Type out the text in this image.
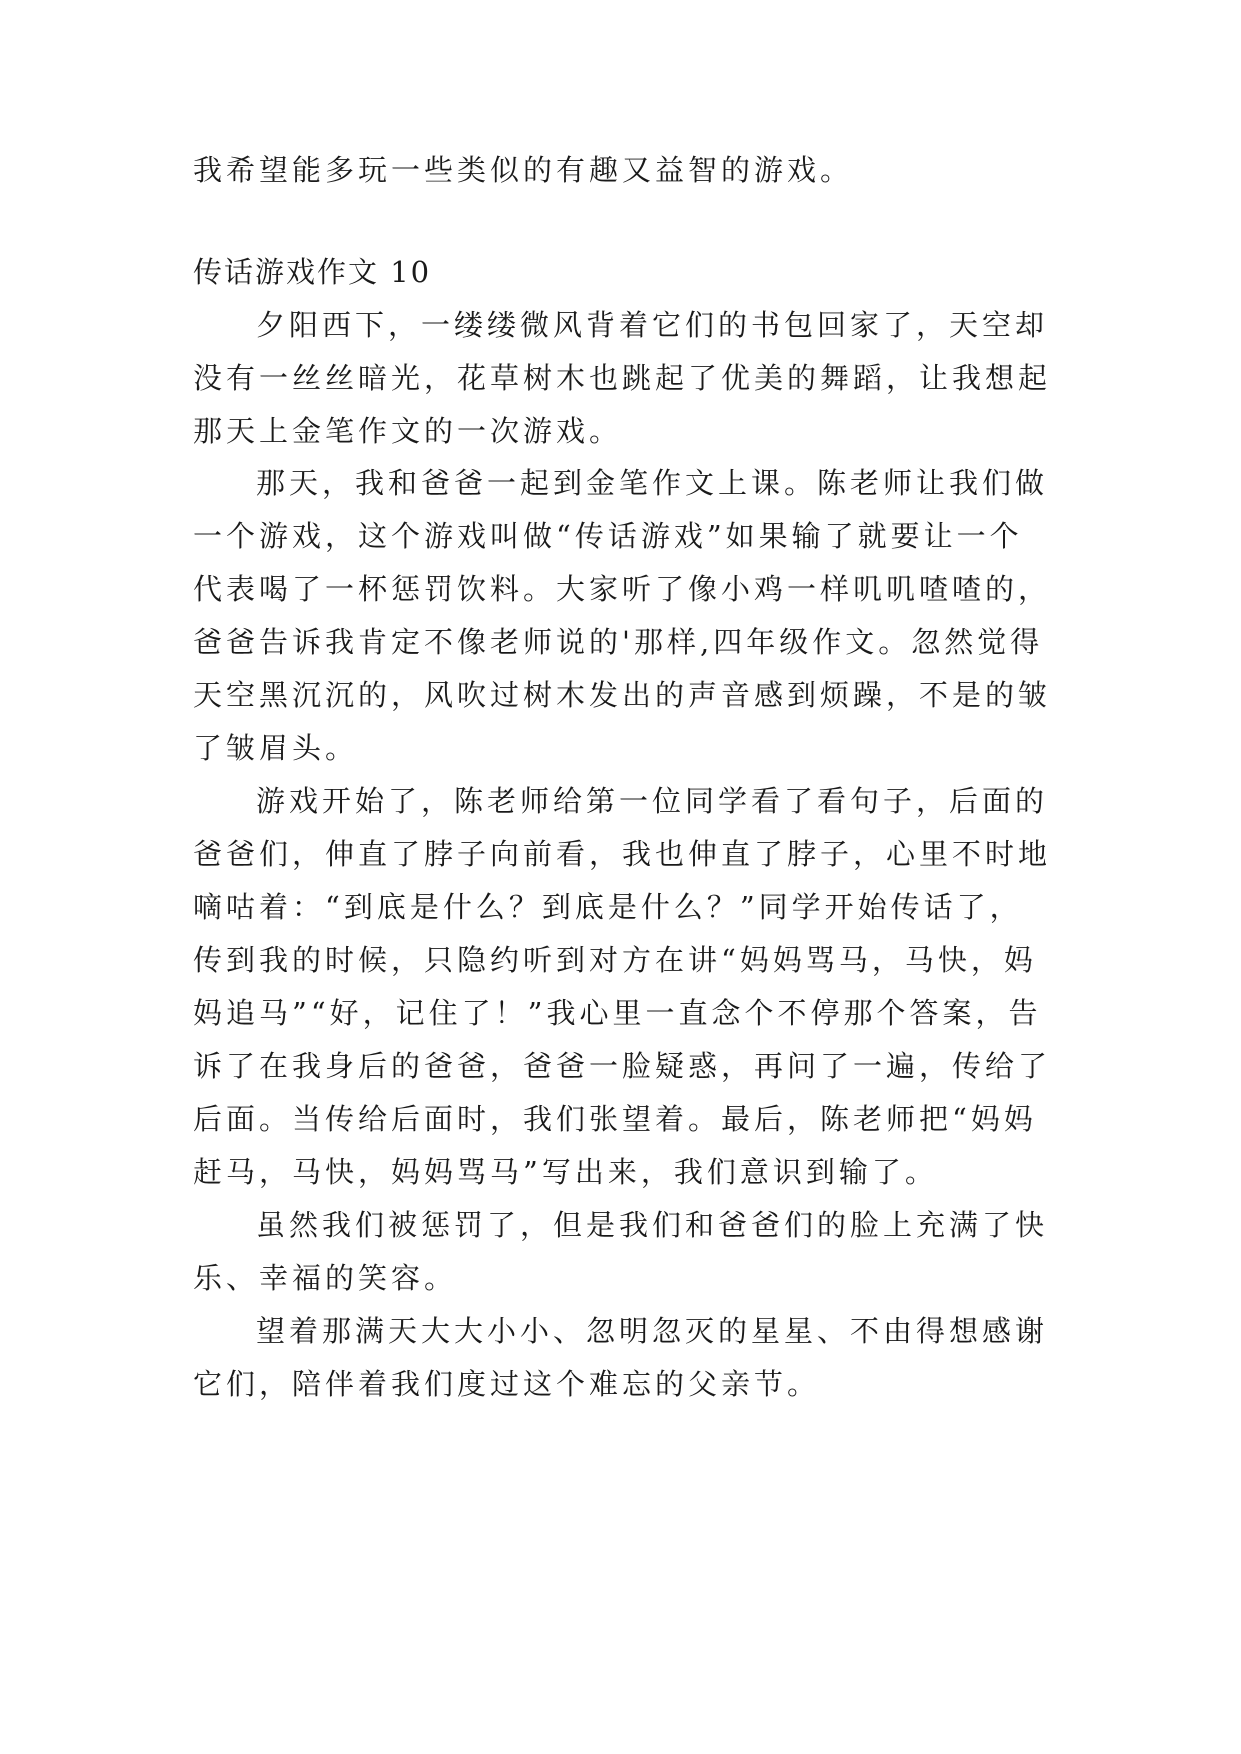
我希望能多玩一些类似的有趣又益智的游戏。
传话游戏作文 10
夕阳西下，一缕缕微风背着它们的书包回家了，天空却
没有一丝丝暗光，花草树木也跳起了优美的舞蹈，让我想起
那天上金笔作文的一次游戏。
那天，我和爸爸一起到金笔作文上课。陈老师让我们做
一个游戏，这个游戏叫做“传话游戏”如果输了就要让一个
代表喝了一杯惩罚饮料。大家听了像小鸡一样叽叽喳喳的，
爸爸告诉我肯定不像老师说的'那样,四年级作文。忽然觉得
天空黑沉沉的，风吹过树木发出的声音感到烦躁，不是的皱
了皱眉头。
游戏开始了，陈老师给第一位同学看了看句子，后面的
爸爸们，伸直了脖子向前看，我也伸直了脖子，心里不时地
嘀咕着：“到底是什么？到底是什么？”同学开始传话了，
传到我的时候，只隐约听到对方在讲“妈妈骂马，马快，妈
妈追马”“好，记住了！”我心里一直念个不停那个答案，告
诉了在我身后的爸爸，爸爸一脸疑惑，再问了一遍，传给了
后面。当传给后面时，我们张望着。最后，陈老师把“妈妈
赶马，马快，妈妈骂马”写出来，我们意识到输了。
虽然我们被惩罚了，但是我们和爸爸们的脸上充满了快
乐、幸福的笑容。
望着那满天大大小小、忽明忽灭的星星、不由得想感谢
它们，陪伴着我们度过这个难忘的父亲节。
